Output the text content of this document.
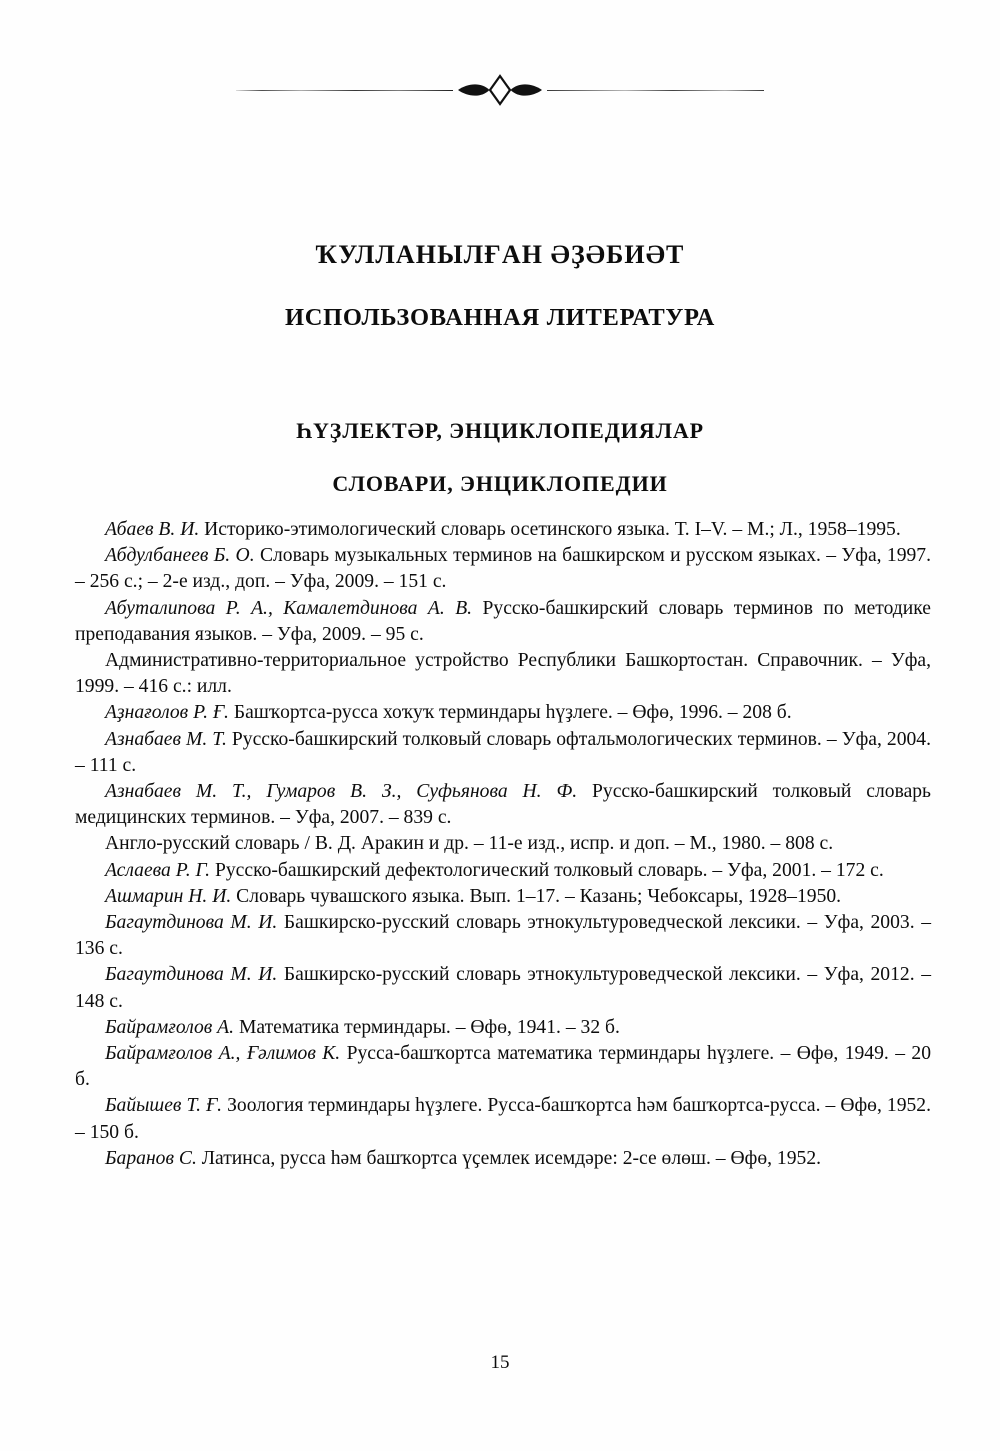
ҠУЛЛАНЫЛҒАН ӘҘӘБИӘТ
ИСПОЛЬЗОВАННАЯ ЛИТЕРАТУРА
ҺҮҘЛЕКТӘР, ЭНЦИКЛОПЕДИЯЛАР
СЛОВАРИ, ЭНЦИКЛОПЕДИИ

Абаев В. И. Историко-этимологический словарь осетинского языка. Т. I–V. – М.; Л., 1958–1995.

Абдулбанеев Б. О. Словарь музыкальных терминов на башкирском и русском языках. – Уфа, 1997. – 256 с.; – 2-е изд., доп. – Уфа, 2009. – 151 с.

Абуталипова Р. А., Камалетдинова А. В. Русско-башкирский словарь терминов по методике преподавания языков. – Уфа, 2009. – 95 с.

Административно-территориальное устройство Республики Башкортостан. Справочник. – Уфа, 1999. – 416 с.: илл.

Аҙнағолов Р. Ғ. Башҡортса-русса хоҡуҡ терминдары һүҙлеге. – Өфө, 1996. – 208 б.

Азнабаев М. Т. Русско-башкирский толковый словарь офтальмологических терминов. – Уфа, 2004. – 111 с.

Азнабаев М. Т., Гумаров В. З., Суфьянова Н. Ф. Русско-башкирский толковый словарь медицинских терминов. – Уфа, 2007. – 839 с.

Англо-русский словарь / В. Д. Аракин и др. – 11-е изд., испр. и доп. – М., 1980. – 808 с.

Аслаева Р. Г. Русско-башкирский дефектологический толковый словарь. – Уфа, 2001. – 172 с.

Ашмарин Н. И. Словарь чувашского языка. Вып. 1–17. – Казань; Чебоксары, 1928–1950.

Багаутдинова М. И. Башкирско-русский словарь этнокультуроведческой лексики. – Уфа, 2003. – 136 с.

Багаутдинова М. И. Башкирско-русский словарь этнокультуроведческой лексики. – Уфа, 2012. – 148 с.

Байрамғолов А. Математика терминдары. – Өфө, 1941. – 32 б.

Байрамғолов А., Ғәлимов К. Русса-башҡортса математика терминдары һүҙлеге. – Өфө, 1949. – 20 б.

Байышев Т. Ғ. Зоология терминдары һүҙлеге. Русса-башҡортса һәм башҡортса-русса. – Өфө, 1952. – 150 б.

Баранов С. Латинса, русса һәм башҡортса үҫемлек исемдәре: 2-се өлөш. – Өфө, 1952.

15
